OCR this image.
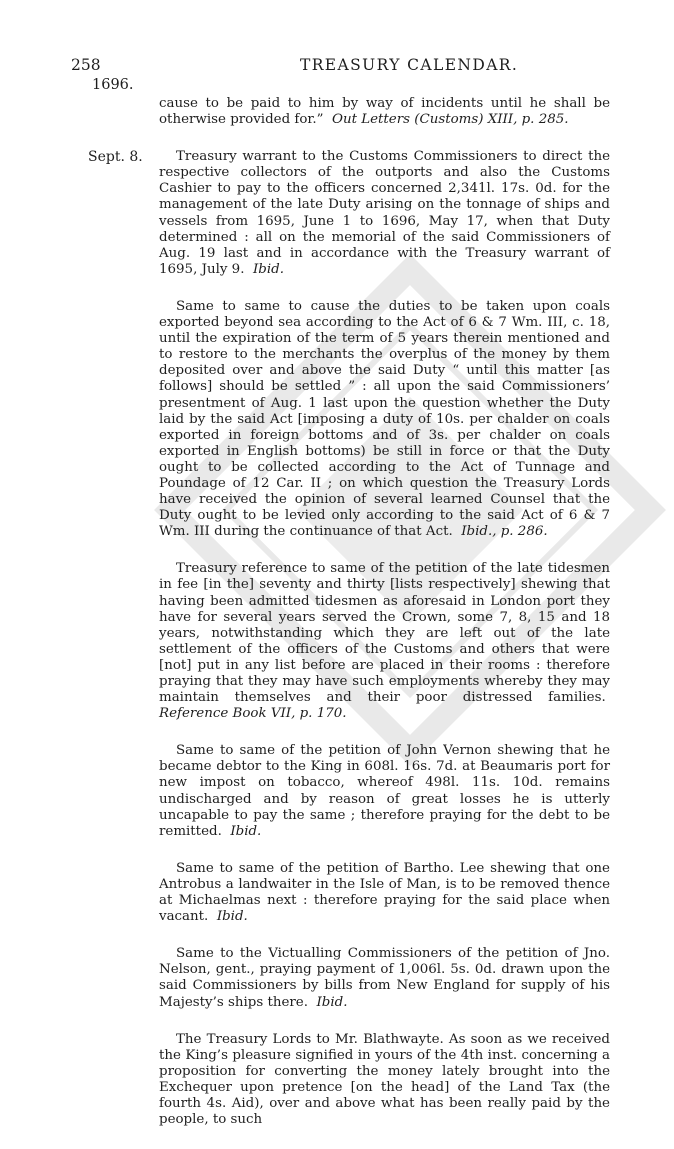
258	TREASURY CALENDAR.
1696.
cause to be paid to him by way of incidents until he shall be otherwise provided for.” Out Letters (Customs) XIII, p. 285.
Sept. 8. Treasury warrant to the Customs Commissioners to direct the respective collectors of the outports and also the Customs Cashier to pay to the officers concerned 2,341l. 17s. 0d. for the management of the late Duty arising on the tonnage of ships and vessels from 1695, June 1 to 1696, May 17, when that Duty determined : all on the memorial of the said Commissioners of Aug. 19 last and in accordance with the Treasury warrant of 1695, July 9. Ibid.
Same to same to cause the duties to be taken upon coals exported beyond sea according to the Act of 6 & 7 Wm. III, c. 18, until the expiration of the term of 5 years therein mentioned and to restore to the merchants the overplus of the money by them deposited over and above the said Duty “ until this matter [as follows] should be settled ” : all upon the said Commissioners’ presentment of Aug. 1 last upon the question whether the Duty laid by the said Act [imposing a duty of 10s. per chalder on coals exported in foreign bottoms and of 3s. per chalder on coals exported in English bottoms) be still in force or that the Duty ought to be collected according to the Act of Tunnage and Poundage of 12 Car. II ; on which question the Treasury Lords have received the opinion of several learned Counsel that the Duty ought to be levied only according to the said Act of 6 & 7 Wm. III during the continuance of that Act. Ibid., p. 286.
Treasury reference to same of the petition of the late tidesmen in fee [in the] seventy and thirty [lists respectively] shewing that having been admitted tidesmen as aforesaid in London port they have for several years served the Crown, some 7, 8, 15 and 18 years, notwithstanding which they are left out of the late settlement of the officers of the Customs and others that were [not] put in any list before are placed in their rooms : therefore praying that they may have such employments whereby they may maintain themselves and their poor distressed families.  Reference Book VII, p. 170.
Same to same of the petition of John Vernon shewing that he became debtor to the King in 608l. 16s. 7d. at Beaumaris port for new impost on tobacco, whereof 498l. 11s. 10d. remains undischarged and by reason of great losses he is utterly uncapable to pay the same ; therefore praying for the debt to be remitted. Ibid.
Same to same of the petition of Bartho. Lee shewing that one Antrobus a landwaiter in the Isle of Man, is to be removed thence at Michaelmas next : therefore praying for the said place when vacant. Ibid.
Same to the Victualling Commissioners of the petition of Jno. Nelson, gent., praying payment of 1,006l. 5s. 0d. drawn upon the said Commissioners by bills from New England for supply of his Majesty’s ships there. Ibid.
The Treasury Lords to Mr. Blathwayte. As soon as we received the King’s pleasure signified in yours of the 4th inst. concerning a proposition for converting the money lately brought into the Exchequer upon pretence [on the head] of the Land Tax (the fourth 4s. Aid), over and above what has been really paid by the people, to such
